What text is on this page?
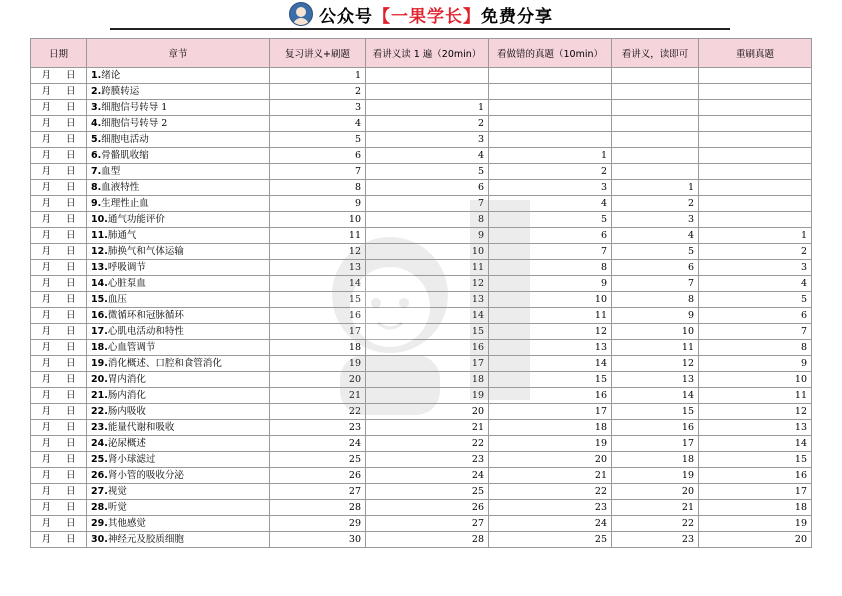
公众号【一果学长】免费分享
日期	章节	复习讲义+刷题	看讲义读 1 遍（20min）	看做错的真题（10min）	看讲义，读即可	重刷真题
月 日	1.绪论	1				
月 日	2.跨膜转运	2				
月 日	3.细胞信号转导 1	3	1			
月 日	4.细胞信号转导 2	4	2			
月 日	5.细胞电活动	5	3			
月 日	6.骨骼肌收缩	6	4	1		
月 日	7.血型	7	5	2		
月 日	8.血液特性	8	6	3	1	
月 日	9.生理性止血	9	7	4	2	
月 日	10.通气功能评价	10	8	5	3	
月 日	11.肺通气	11	9	6	4	1
月 日	12.肺换气和气体运输	12	10	7	5	2
月 日	13.呼吸调节	13	11	8	6	3
月 日	14.心脏泵血	14	12	9	7	4
月 日	15.血压	15	13	10	8	5
月 日	16.微循环和冠脉循环	16	14	11	9	6
月 日	17.心肌电活动和特性	17	15	12	10	7
月 日	18.心血管调节	18	16	13	11	8
月 日	19.消化概述、口腔和食管消化	19	17	14	12	9
月 日	20.胃内消化	20	18	15	13	10
月 日	21.肠内消化	21	19	16	14	11
月 日	22.肠内吸收	22	20	17	15	12
月 日	23.能量代谢和吸收	23	21	18	16	13
月 日	24.泌尿概述	24	22	19	17	14
月 日	25.肾小球滤过	25	23	20	18	15
月 日	26.肾小管的吸收分泌	26	24	21	19	16
月 日	27.视觉	27	25	22	20	17
月 日	28.听觉	28	26	23	21	18
月 日	29.其他感觉	29	27	24	22	19
月 日	30.神经元及胶质细胞	30	28	25	23	20
